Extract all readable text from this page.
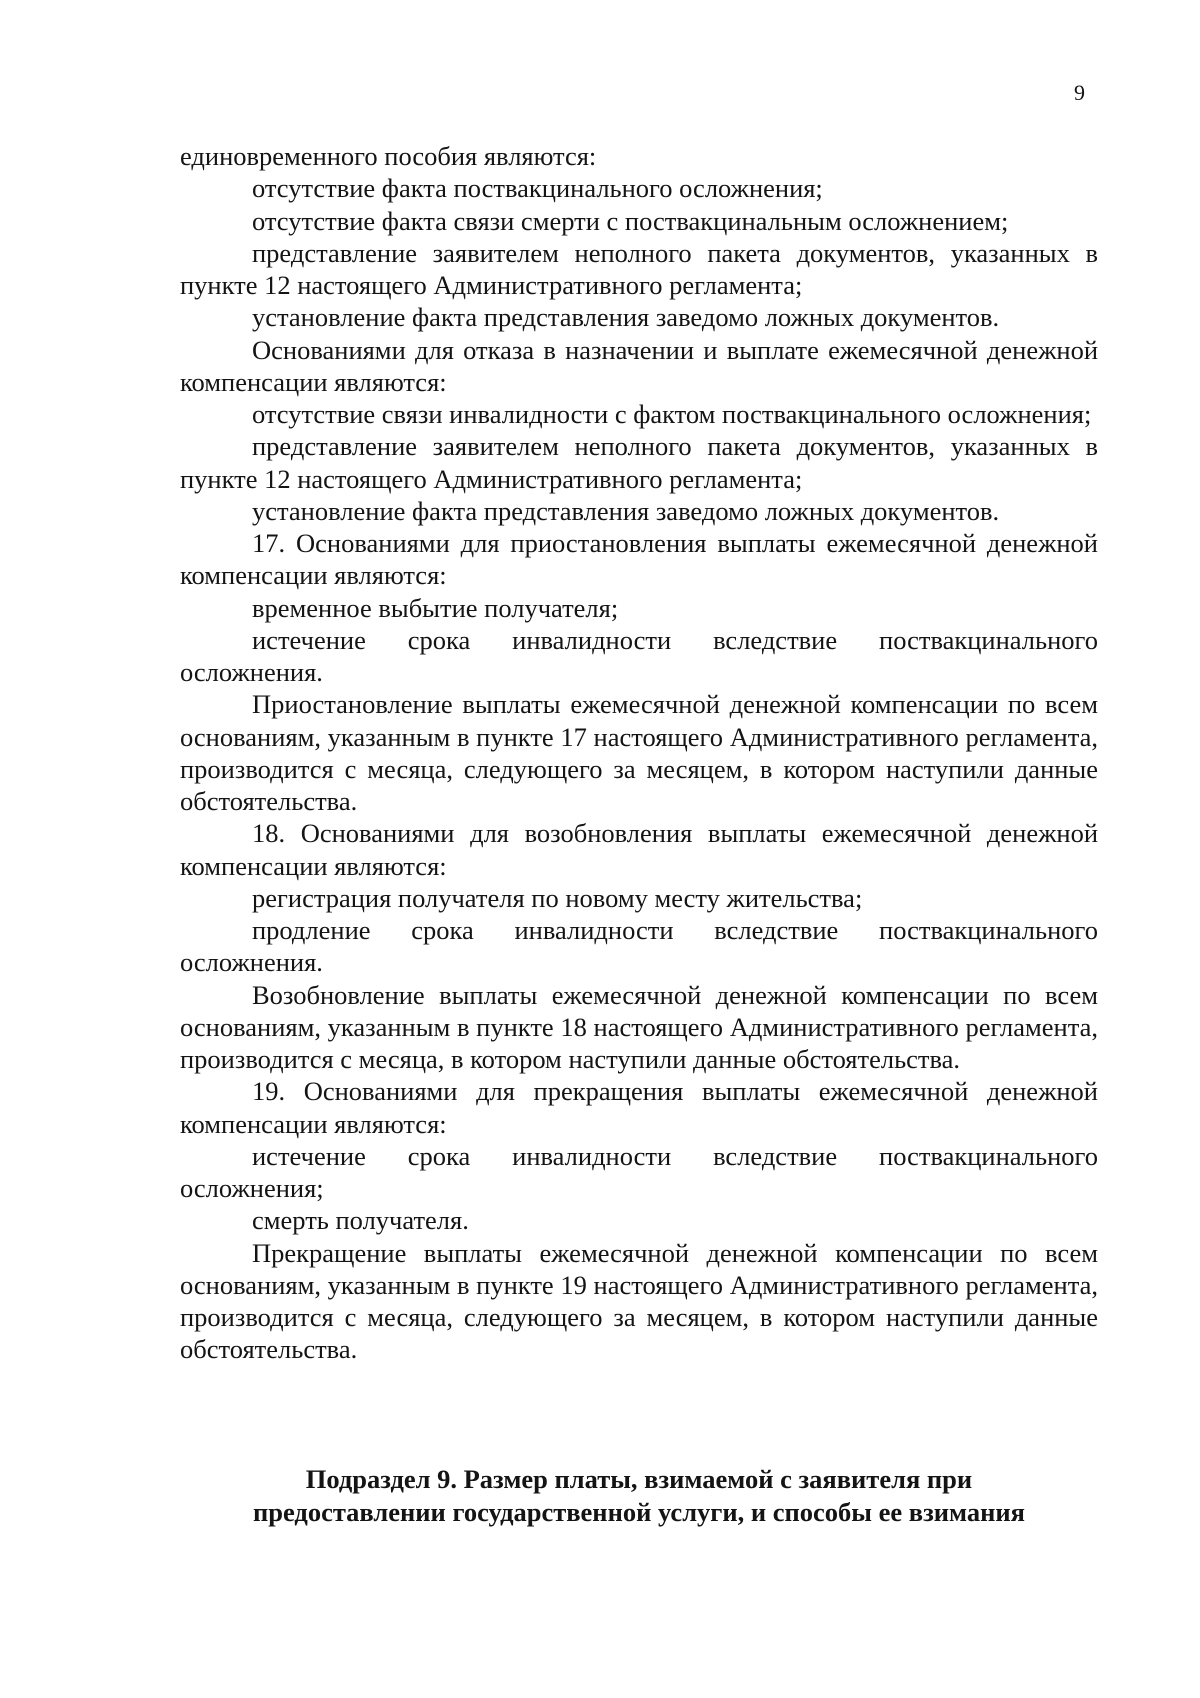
9

единовременного пособия являются:

отсутствие факта поствакцинального осложнения;

отсутствие факта связи смерти с поствакцинальным осложнением;

представление заявителем неполного пакета документов, указанных в пункте 12 настоящего Административного регламента;

установление факта представления заведомо ложных документов.

Основаниями для отказа в назначении и выплате ежемесячной денежной компенсации являются:

отсутствие связи инвалидности с фактом поствакцинального осложнения;

представление заявителем неполного пакета документов, указанных в пункте 12 настоящего Административного регламента;

установление факта представления заведомо ложных документов.

17. Основаниями для приостановления выплаты ежемесячной денежной компенсации являются:

временное выбытие получателя;

истечение срока инвалидности вследствие поствакцинального осложнения.

Приостановление выплаты ежемесячной денежной компенсации по всем основаниям, указанным в пункте 17 настоящего Административного регламента, производится с месяца, следующего за месяцем, в котором наступили данные обстоятельства.

18. Основаниями для возобновления выплаты ежемесячной денежной компенсации являются:

регистрация получателя по новому месту жительства;

продление срока инвалидности вследствие поствакцинального осложнения.

Возобновление выплаты ежемесячной денежной компенсации по всем основаниям, указанным в пункте 18 настоящего Административного регламента, производится с месяца, в котором наступили данные обстоятельства.

19. Основаниями для прекращения выплаты ежемесячной денежной компенсации являются:

истечение срока инвалидности вследствие поствакцинального осложнения;

смерть получателя.

Прекращение выплаты ежемесячной денежной компенсации по всем основаниям, указанным в пункте 19 настоящего Административного регламента, производится с месяца, следующего за месяцем, в котором наступили данные обстоятельства.

Подраздел 9. Размер платы, взимаемой с заявителя при
предоставлении государственной услуги, и способы ее взимания
